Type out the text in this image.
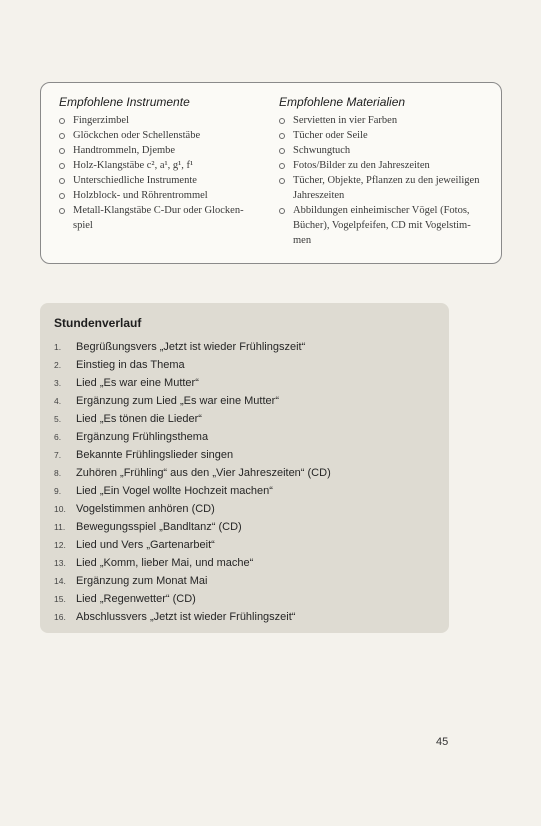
Empfohlene Instrumente
Fingerzimbel
Glöckchen oder Schellenstäbe
Handtrommeln, Djembe
Holz-Klangstäbe c², a¹, g¹, f¹
Unterschiedliche Instrumente
Holzblock- und Röhrentrommel
Metall-Klangstäbe C-Dur oder Glocken-
spiel
Empfohlene Materialien
Servietten in vier Farben
Tücher oder Seile
Schwungtuch
Fotos/Bilder zu den Jahreszeiten
Tücher, Objekte, Pflanzen zu den jeweiligen
Jahreszeiten
Abbildungen einheimischer Vögel (Fotos,
Bücher), Vogelpfeifen, CD mit Vogelstim-
men
Stundenverlauf
1. Begrüßungsvers „Jetzt ist wieder Frühlingszeit“
2. Einstieg in das Thema
3. Lied „Es war eine Mutter“
4. Ergänzung zum Lied „Es war eine Mutter“
5. Lied „Es tönen die Lieder“
6. Ergänzung Frühlingsthema
7. Bekannte Frühlingslieder singen
8. Zuhören „Frühling“ aus den „Vier Jahreszeiten“ (CD)
9. Lied „Ein Vogel wollte Hochzeit machen“
10. Vogelstimmen anhören (CD)
11. Bewegungsspiel „Bandltanz“ (CD)
12. Lied und Vers „Gartenarbeit“
13. Lied „Komm, lieber Mai, und mache“
14. Ergänzung zum Monat Mai
15. Lied „Regenwetter“ (CD)
16. Abschlussvers „Jetzt ist wieder Frühlingszeit“
45
